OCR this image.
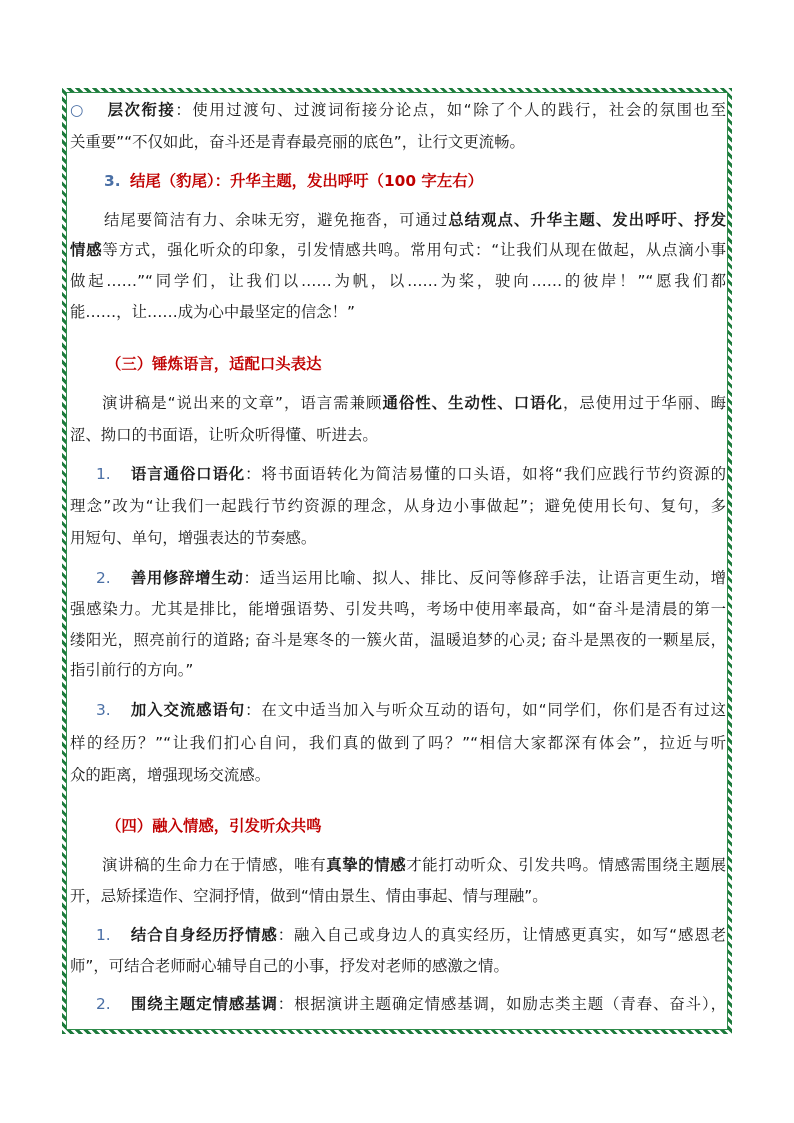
○ 层次衔接：使用过渡句、过渡词衔接分论点，如“除了个人的践行，社会的氛围也至
关重要”“不仅如此，奋斗还是青春最亮丽的底色”，让行文更流畅。
3. 结尾（豹尾）：升华主题，发出呼吁（100 字左右）
结尾要简洁有力、余味无穷，避免拖沓，可通过总结观点、升华主题、发出呼吁、抒发
情感等方式，强化听众的印象，引发情感共鸣。常用句式：“让我们从现在做起，从点滴小事
做起……”“同学们，让我们以……为帆，以……为桨，驶向……的彼岸！”“愿我们都
能……，让……成为心中最坚定的信念！”
（三）锤炼语言，适配口头表达
演讲稿是“说出来的文章”，语言需兼顾通俗性、生动性、口语化，忌使用过于华丽、晦
涩、拗口的书面语，让听众听得懂、听进去。
1. 语言通俗口语化：将书面语转化为简洁易懂的口头语，如将“我们应践行节约资源的
理念”改为“让我们一起践行节约资源的理念，从身边小事做起”；避免使用长句、复句，多
用短句、单句，增强表达的节奏感。
2. 善用修辞增生动：适当运用比喻、拟人、排比、反问等修辞手法，让语言更生动，增
强感染力。尤其是排比，能增强语势、引发共鸣，考场中使用率最高，如“奋斗是清晨的第一
缕阳光，照亮前行的道路; 奋斗是寒冬的一簇火苗，温暖追梦的心灵; 奋斗是黑夜的一颗星辰，
指引前行的方向。”
3. 加入交流感语句：在文中适当加入与听众互动的语句，如“同学们，你们是否有过这
样的经历？”“让我们扪心自问，我们真的做到了吗？”“相信大家都深有体会”，拉近与听
众的距离，增强现场交流感。
（四）融入情感，引发听众共鸣
演讲稿的生命力在于情感，唯有真挚的情感才能打动听众、引发共鸣。情感需围绕主题展
开，忌矫揉造作、空洞抒情，做到“情由景生、情由事起、情与理融”。
1. 结合自身经历抒情感：融入自己或身边人的真实经历，让情感更真实，如写“感恩老
师”，可结合老师耐心辅导自己的小事，抒发对老师的感激之情。
2. 围绕主题定情感基调：根据演讲主题确定情感基调，如励志类主题（青春、奋斗），
